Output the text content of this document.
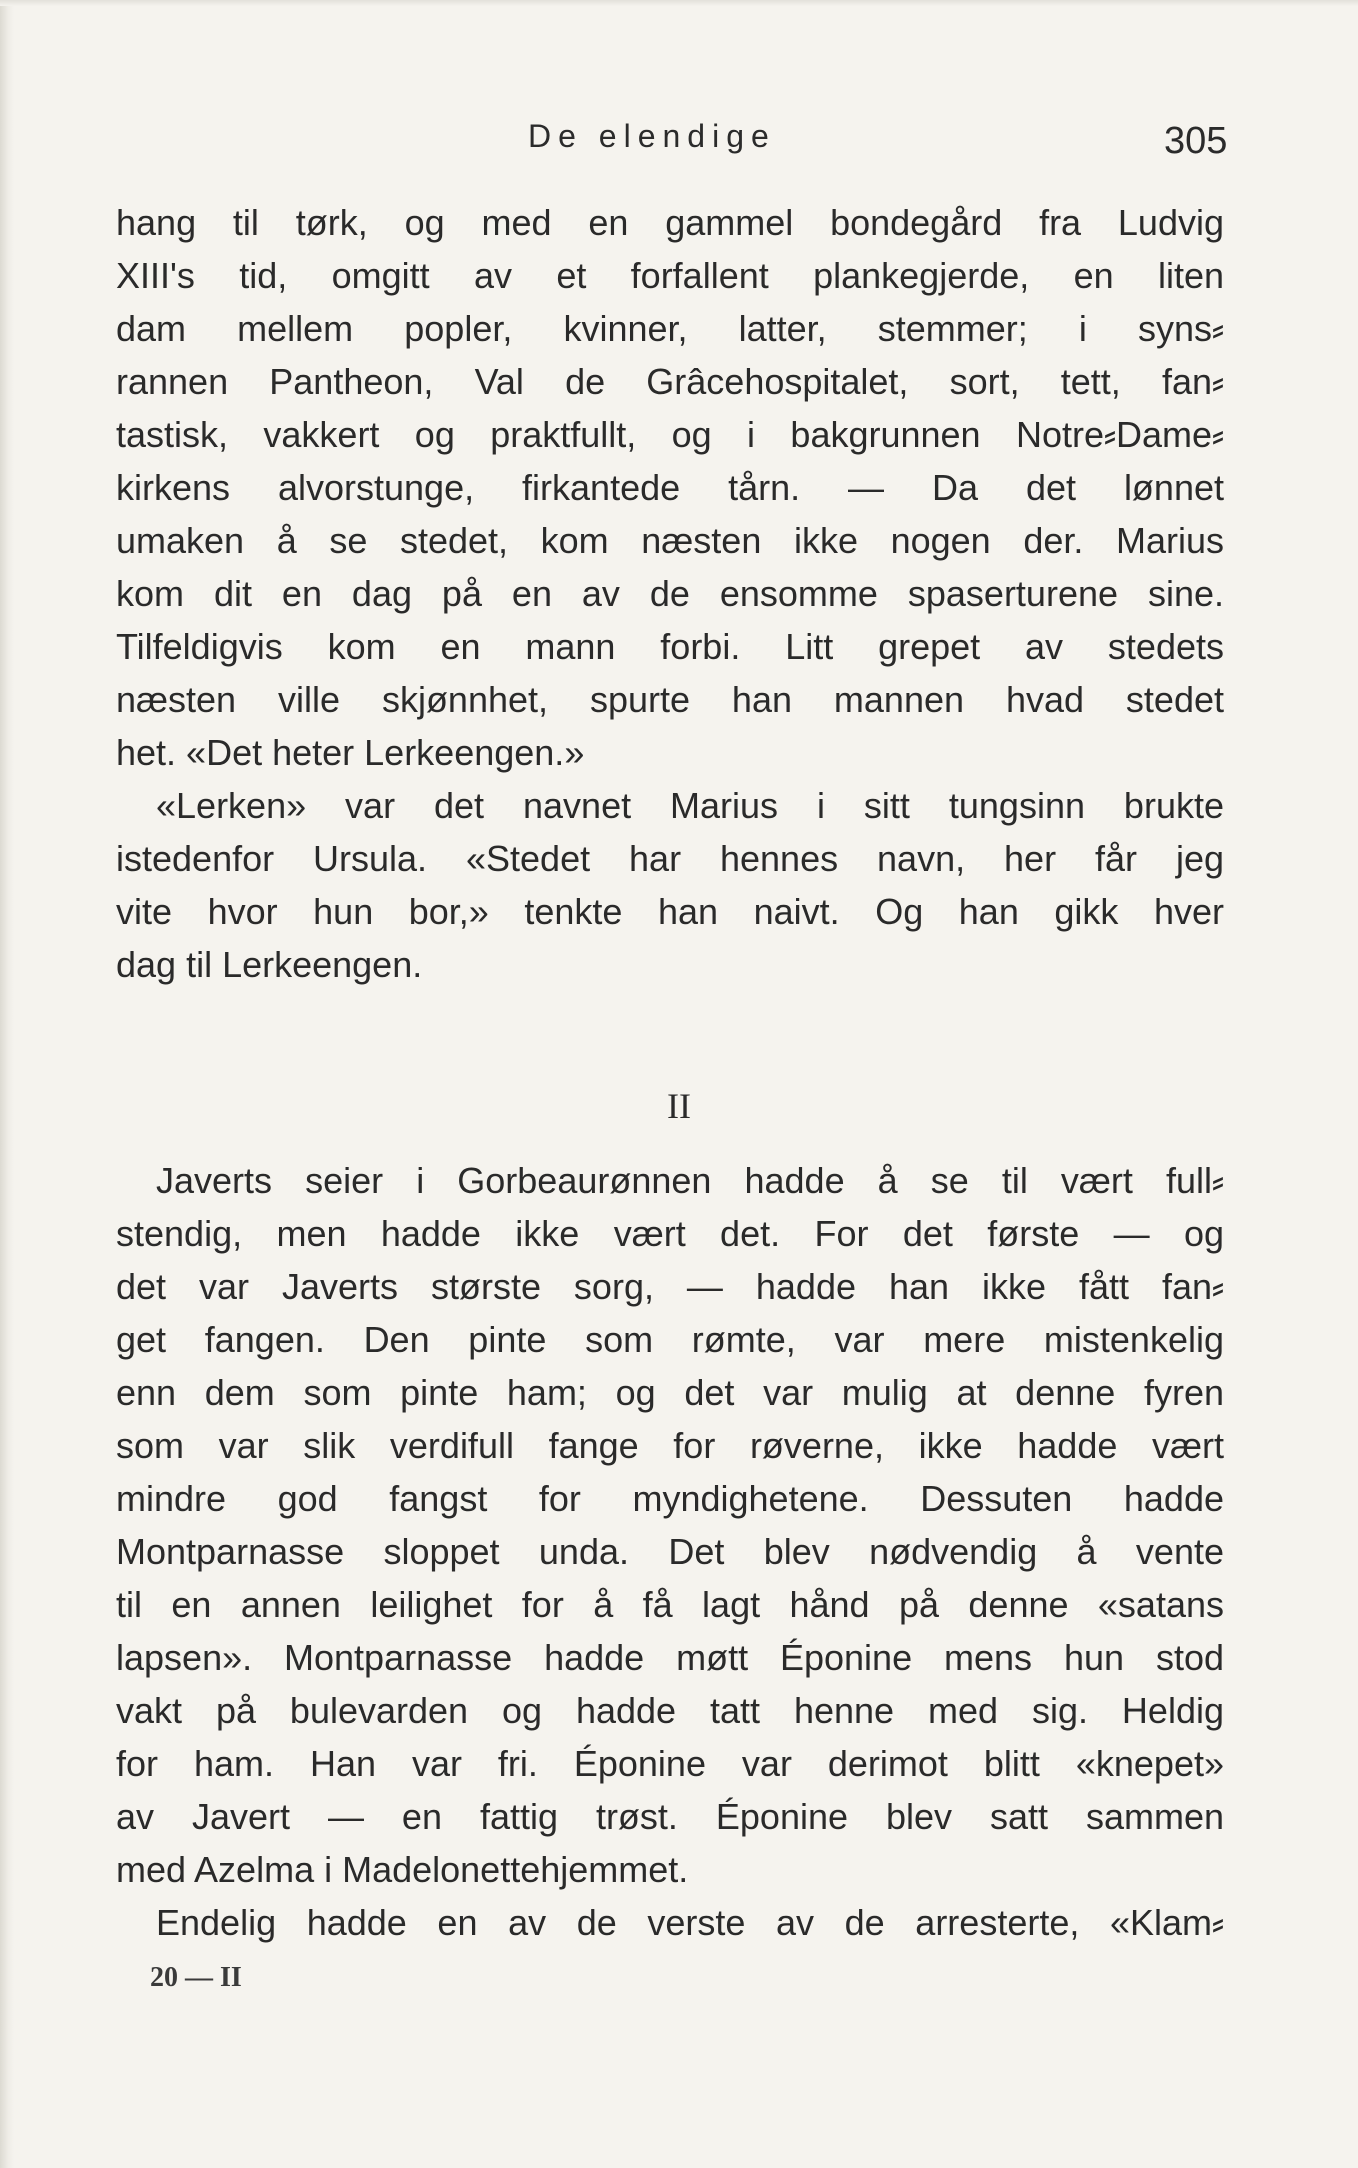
De elendige	305
hang til tørk, og med en gammel bondegård fra Ludvig
XIII's tid, omgitt av et forfallent plankegjerde, en liten
dam mellem popler, kvinner, latter, stemmer; i syns⸗
rannen Pantheon, Val de Grâcehospitalet, sort, tett, fan⸗
tastisk, vakkert og praktfullt, og i bakgrunnen Notre⸗Dame⸗
kirkens alvorstunge, firkantede tårn. — Da det lønnet
umaken å se stedet, kom næsten ikke nogen der. Marius
kom dit en dag på en av de ensomme spaserturene sine.
Tilfeldigvis kom en mann forbi. Litt grepet av stedets
næsten ville skjønnhet, spurte han mannen hvad stedet
het. «Det heter Lerkeengen.»
«Lerken» var det navnet Marius i sitt tungsinn brukte
istedenfor Ursula. «Stedet har hennes navn, her får jeg
vite hvor hun bor,» tenkte han naivt. Og han gikk hver
dag til Lerkeengen.
II
Javerts seier i Gorbeaurønnen hadde å se til vært full⸗
stendig, men hadde ikke vært det. For det første — og
det var Javerts største sorg, — hadde han ikke fått fan⸗
get fangen. Den pinte som rømte, var mere mistenkelig
enn dem som pinte ham; og det var mulig at denne fyren
som var slik verdifull fange for røverne, ikke hadde vært
mindre god fangst for myndighetene. Dessuten hadde
Montparnasse sloppet unda. Det blev nødvendig å vente
til en annen leilighet for å få lagt hånd på denne «satans
lapsen». Montparnasse hadde møtt Éponine mens hun stod
vakt på bulevarden og hadde tatt henne med sig. Heldig
for ham. Han var fri. Éponine var derimot blitt «knepet»
av Javert — en fattig trøst. Éponine blev satt sammen
med Azelma i Madelonettehjemmet.
Endelig hadde en av de verste av de arresterte, «Klam⸗
20 — II
